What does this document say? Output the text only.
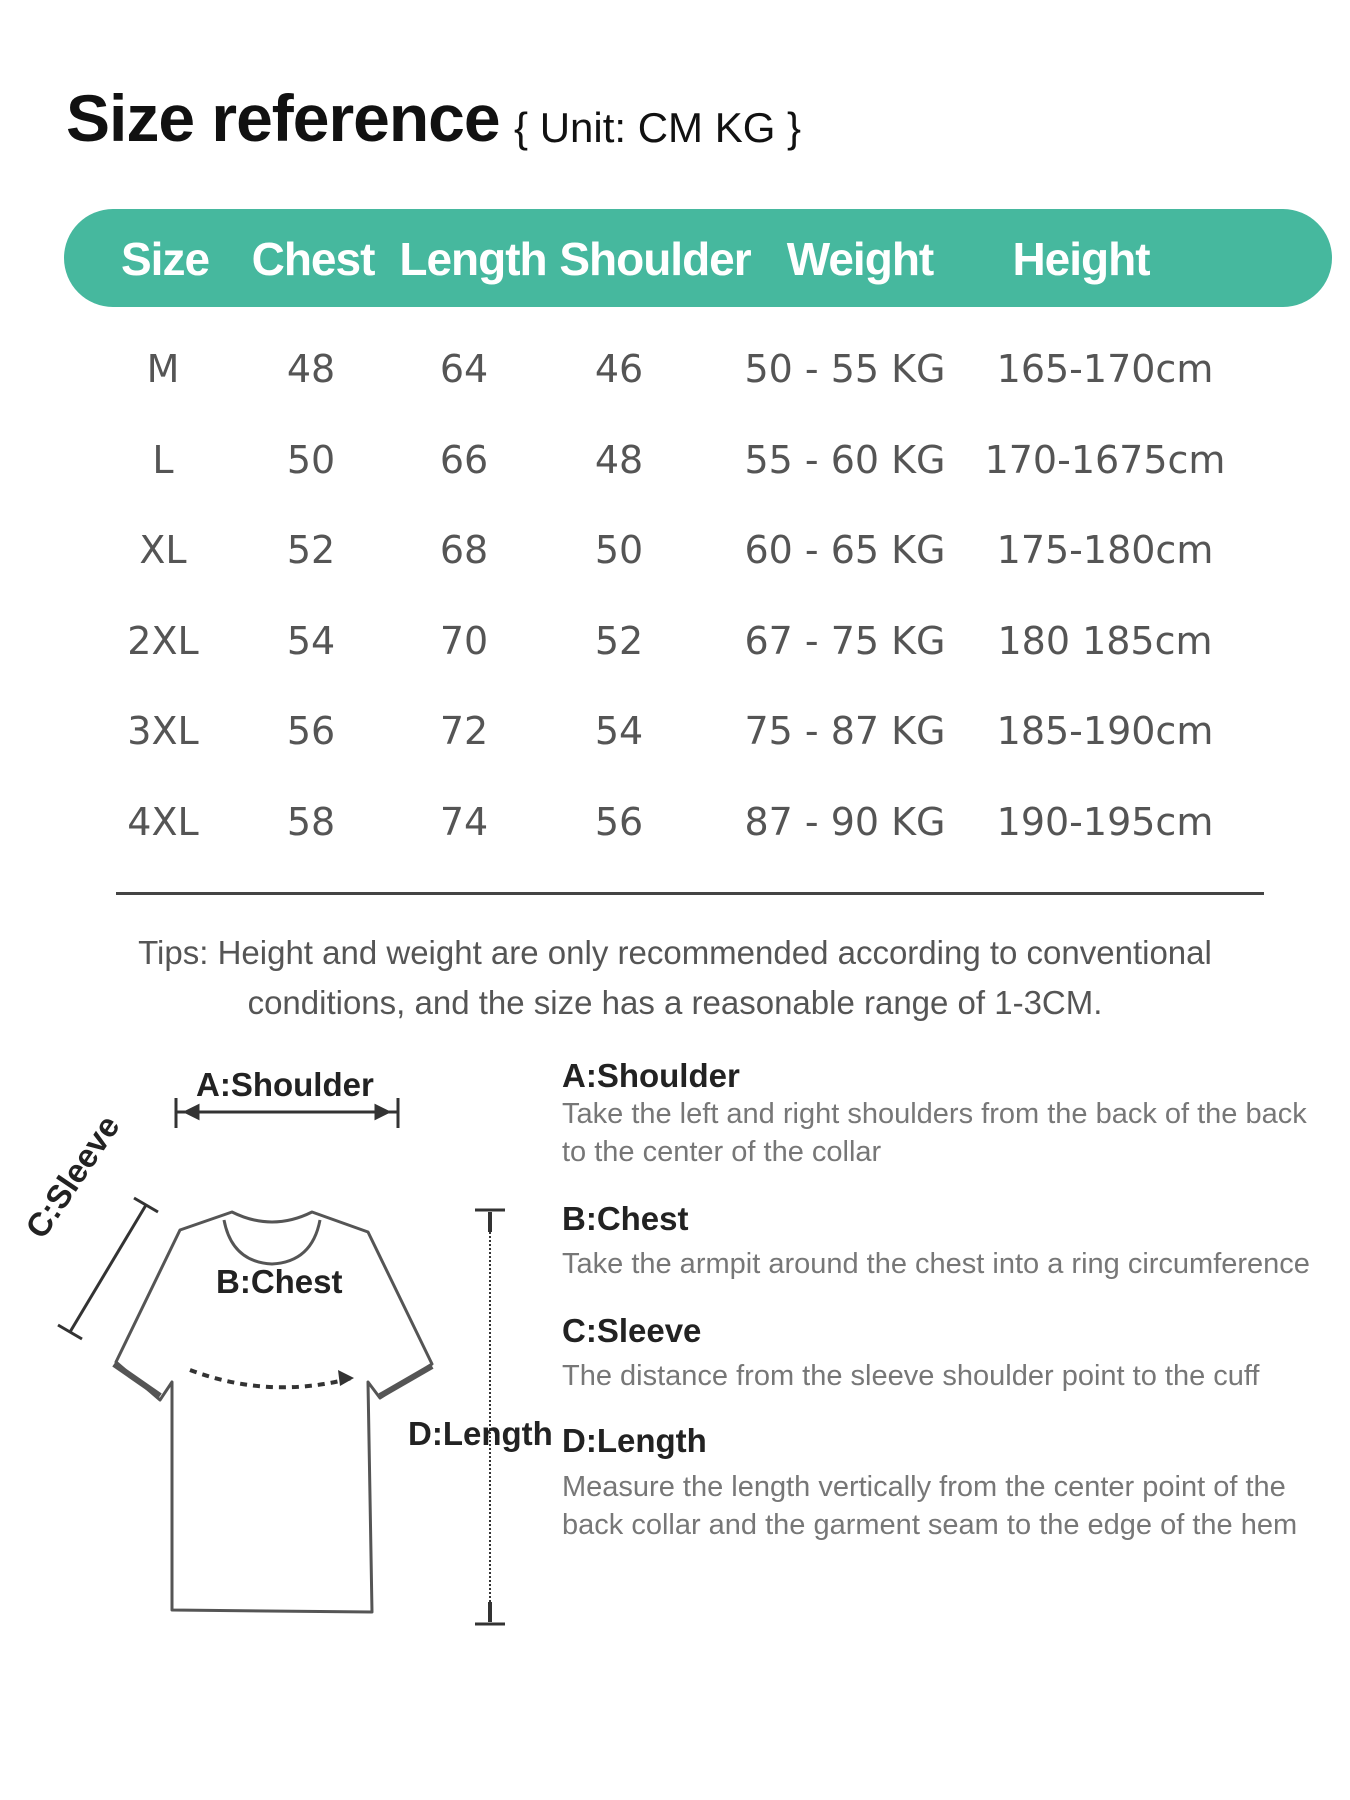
Size reference { Unit: CM KG }
Size Chest Length Shoulder Weight Height
M	48	64	46	50 - 55 KG 165-170cm
L	50	66	48	55 - 60 KG 170-1675cm
XL	52	68	50	60 - 65 KG 175-180cm
2XL 54	70	52	67 - 75 KG 180 185cm
3XL 56	72	54	75 - 87 KG 185-190cm
4XL 58	74	56	87 - 90 KG 190-195cm
Tips: Height and weight are only recommended according to conventional
conditions, and the size has a reasonable range of 1-3CM.
A:Shoulder
B:Chest
C:Sleeve
D:Length
A:Shoulder
Take the left and right shoulders from the back of the back to the center of the collar
B:Chest
Take the armpit around the chest into a ring circumference
C:Sleeve
The distance from the sleeve shoulder point to the cuff
D:Length
Measure the length vertically from the center point of the back collar and the garment seam to the edge of the hem
